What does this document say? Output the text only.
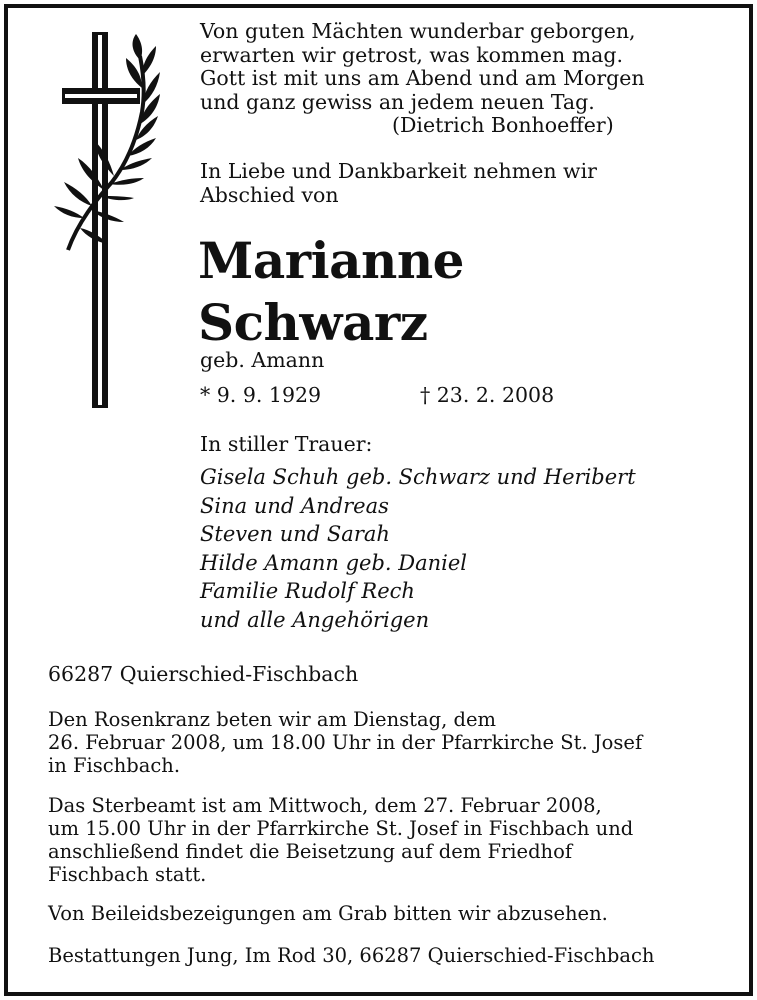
Von guten Mächten wunderbar geborgen,
erwarten wir getrost, was kommen mag.
Gott ist mit uns am Abend und am Morgen
und ganz gewiss an jedem neuen Tag.
(Dietrich Bonhoeffer)
In Liebe und Dankbarkeit nehmen wir
Abschied von
Marianne
Schwarz
geb. Amann
* 9. 9. 1929	† 23. 2. 2008
In stiller Trauer:
Gisela Schuh geb. Schwarz und Heribert
Sina und Andreas
Steven und Sarah
Hilde Amann geb. Daniel
Familie Rudolf Rech
und alle Angehörigen
66287 Quierschied-Fischbach
Den Rosenkranz beten wir am Dienstag, dem
26. Februar 2008, um 18.00 Uhr in der Pfarrkirche St. Josef
in Fischbach.
Das Sterbeamt ist am Mittwoch, dem 27. Februar 2008,
um 15.00 Uhr in der Pfarrkirche St. Josef in Fischbach und
anschließend findet die Beisetzung auf dem Friedhof
Fischbach statt.
Von Beileidsbezeigungen am Grab bitten wir abzusehen.
Bestattungen Jung, Im Rod 30, 66287 Quierschied-Fischbach
